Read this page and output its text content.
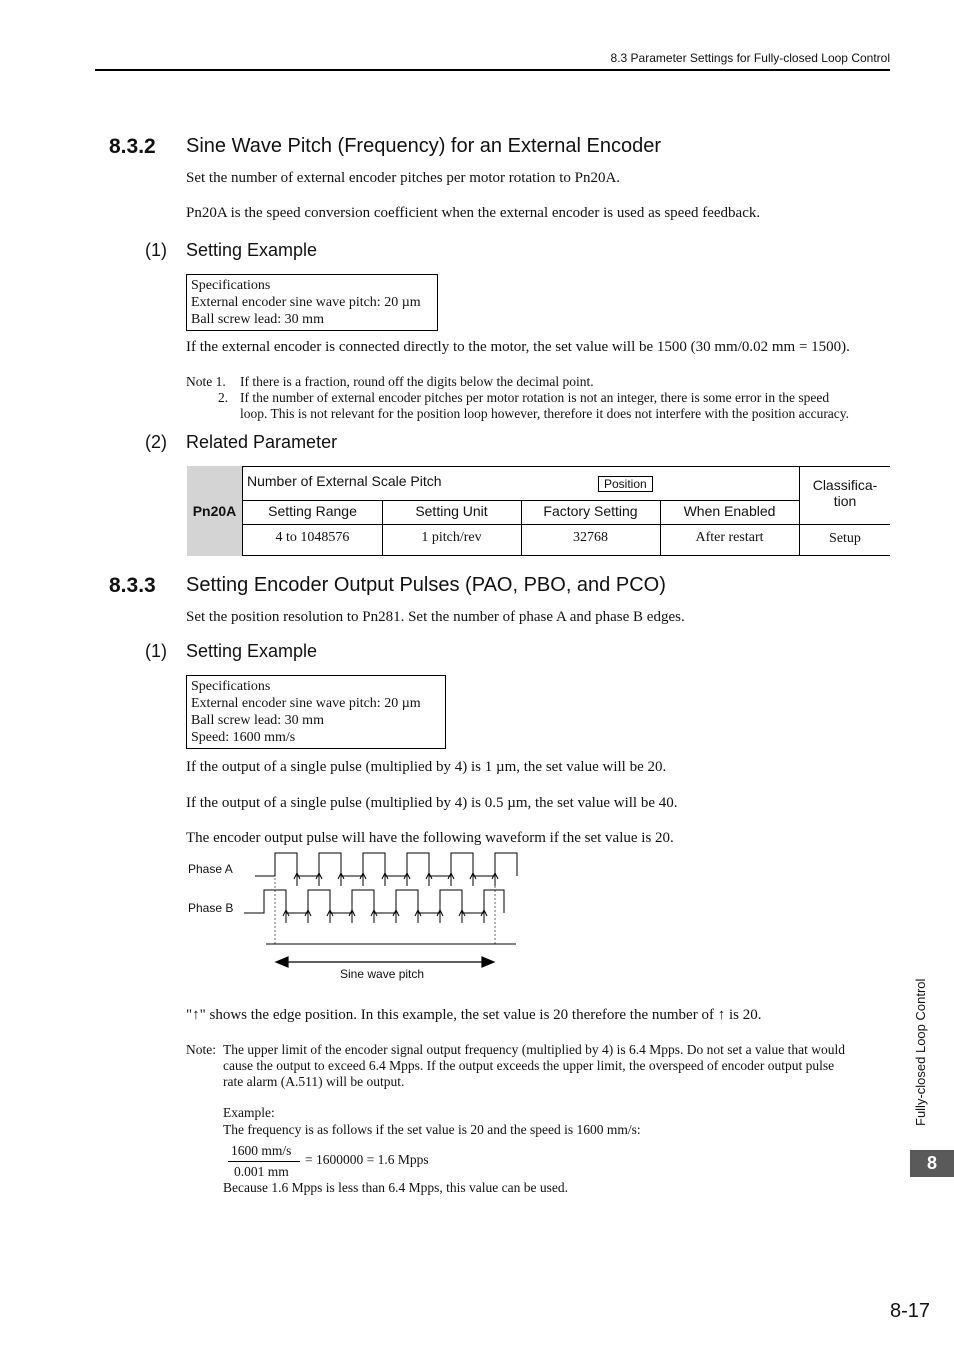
8.3 Parameter Settings for Fully-closed Loop Control
8.3.2 Sine Wave Pitch (Frequency) for an External Encoder
Set the number of external encoder pitches per motor rotation to Pn20A.
Pn20A is the speed conversion coefficient when the external encoder is used as speed feedback.
(1) Setting Example
Specifications
External encoder sine wave pitch: 20 µm
Ball screw lead: 30 mm
If the external encoder is connected directly to the motor, the set value will be 1500 (30 mm/0.02 mm = 1500).
Note 1. If there is a fraction, round off the digits below the decimal point.
2. If the number of external encoder pitches per motor rotation is not an integer, there is some error in the speed
loop. This is not relevant for the position loop however, therefore it does not interfere with the position accuracy.
(2) Related Parameter
Pn20A
Number of External Scale Pitch	Position	Classifica-
tion
Setting Range	Setting Unit	Factory Setting	When Enabled
4 to 1048576	1 pitch/rev	32768	After restart	Setup
8.3.3 Setting Encoder Output Pulses (PAO, PBO, and PCO)
Set the position resolution to Pn281. Set the number of phase A and phase B edges.
(1) Setting Example
Specifications
External encoder sine wave pitch: 20 µm
Ball screw lead: 30 mm
Speed: 1600 mm/s
If the output of a single pulse (multiplied by 4) is 1 µm, the set value will be 20.
If the output of a single pulse (multiplied by 4) is 0.5 µm, the set value will be 40.
The encoder output pulse will have the following waveform if the set value is 20.
Phase A
Phase B
Sine wave pitch
"↑" shows the edge position. In this example, the set value is 20 therefore the number of ↑ is 20.
Note: The upper limit of the encoder signal output frequency (multiplied by 4) is 6.4 Mpps. Do not set a value that would
cause the output to exceed 6.4 Mpps. If the output exceeds the upper limit, the overspeed of encoder output pulse
rate alarm (A.511) will be output.
Example:
The frequency is as follows if the set value is 20 and the speed is 1600 mm/s:
1600 mm/s
0.001 mm
= 1600000 = 1.6 Mpps
Because 1.6 Mpps is less than 6.4 Mpps, this value can be used.
Fully-closed Loop Control
8
8-17
